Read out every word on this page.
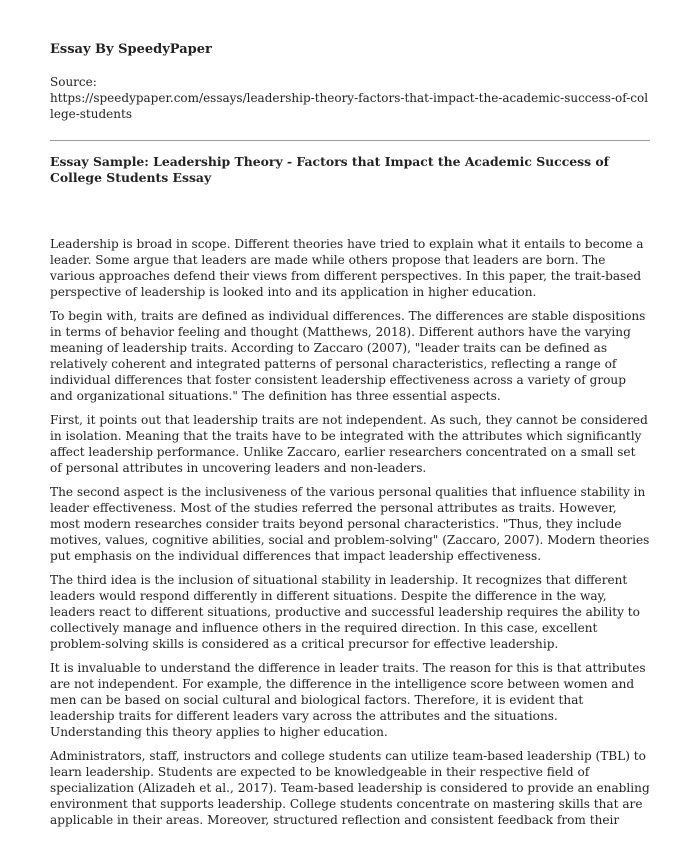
Essay By SpeedyPaper
Source:
https://speedypaper.com/essays/leadership-theory-factors-that-impact-the-academic-success-of-college-students
Essay Sample: Leadership Theory - Factors that Impact the Academic Success of College Students Essay

Leadership is broad in scope. Different theories have tried to explain what it entails to become a leader. Some argue that leaders are made while others propose that leaders are born. The various approaches defend their views from different perspectives. In this paper, the trait-based perspective of leadership is looked into and its application in higher education.

To begin with, traits are defined as individual differences. The differences are stable dispositions in terms of behavior feeling and thought (Matthews, 2018). Different authors have the varying meaning of leadership traits. According to Zaccaro (2007), "leader traits can be defined as relatively coherent and integrated patterns of personal characteristics, reflecting a range of individual differences that foster consistent leadership effectiveness across a variety of group and organizational situations." The definition has three essential aspects.

First, it points out that leadership traits are not independent. As such, they cannot be considered in isolation. Meaning that the traits have to be integrated with the attributes which significantly affect leadership performance. Unlike Zaccaro, earlier researchers concentrated on a small set of personal attributes in uncovering leaders and non-leaders.

The second aspect is the inclusiveness of the various personal qualities that influence stability in leader effectiveness. Most of the studies referred the personal attributes as traits. However, most modern researches consider traits beyond personal characteristics. "Thus, they include motives, values, cognitive abilities, social and problem-solving" (Zaccaro, 2007). Modern theories put emphasis on the individual differences that impact leadership effectiveness.

The third idea is the inclusion of situational stability in leadership. It recognizes that different leaders would respond differently in different situations. Despite the difference in the way, leaders react to different situations, productive and successful leadership requires the ability to collectively manage and influence others in the required direction. In this case, excellent problem-solving skills is considered as a critical precursor for effective leadership.

It is invaluable to understand the difference in leader traits. The reason for this is that attributes are not independent. For example, the difference in the intelligence score between women and men can be based on social cultural and biological factors. Therefore, it is evident that leadership traits for different leaders vary across the attributes and the situations. Understanding this theory applies to higher education.

Administrators, staff, instructors and college students can utilize team-based leadership (TBL) to learn leadership. Students are expected to be knowledgeable in their respective field of specialization (Alizadeh et al., 2017). Team-based leadership is considered to provide an enabling environment that supports leadership. College students concentrate on mastering skills that are applicable in their areas. Moreover, structured reflection and consistent feedback from their
